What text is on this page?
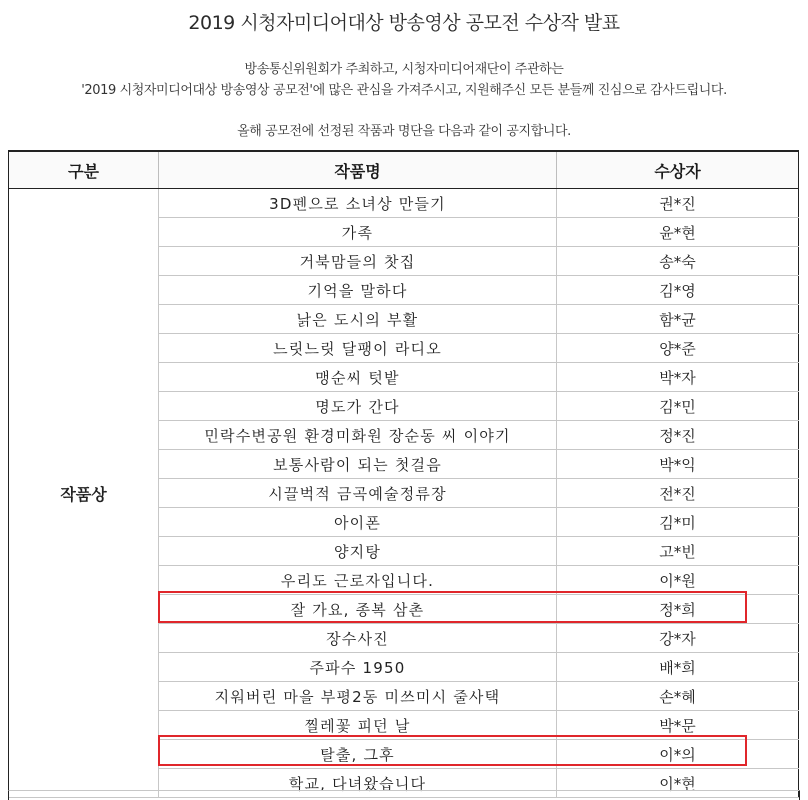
2019 시청자미디어대상 방송영상 공모전 수상작 발표
방송통신위원회가 주최하고, 시청자미디어재단이 주관하는
'2019 시청자미디어대상 방송영상 공모전'에 많은 관심을 가져주시고, 지원해주신 모든 분들께 진심으로 감사드립니다.
올해 공모전에 선정된 작품과 명단을 다음과 같이 공지합니다.
구분	작품명	수상자
작품상	3D펜으로 소녀상 만들기	권*진
	가족	윤*현
	거북맘들의 찻집	송*숙
	기억을 말하다	김*영
	낡은 도시의 부활	함*균
	느릿느릿 달팽이 라디오	양*준
	맹순씨 텃밭	박*자
	명도가 간다	김*민
	민락수변공원 환경미화원 장순동 씨 이야기	정*진
	보통사람이 되는 첫걸음	박*익
	시끌벅적 금곡예술정류장	전*진
	아이폰	김*미
	양지탕	고*빈
	우리도 근로자입니다.	이*원
	잘 가요, 종복 삼촌	정*희
	장수사진	강*자
	주파수 1950	배*희
	지워버린 마을 부평2동 미쓰미시 줄사택	손*혜
	찔레꽃 피던 날	박*문
	탈출, 그후	이*의
	학교, 다녀왔습니다	이*현
